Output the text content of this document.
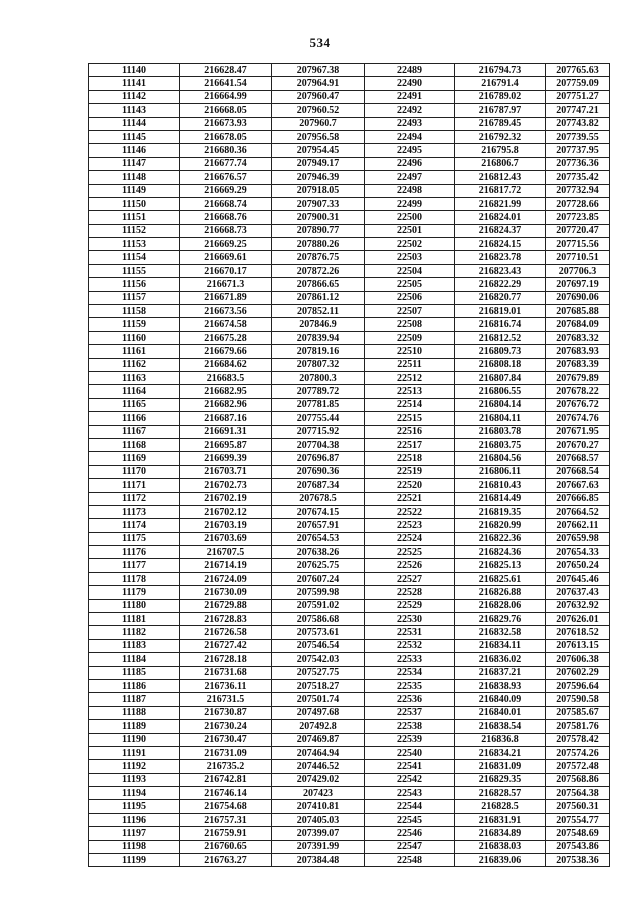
534
11140	216628.47	207967.38	22489	216794.73	207765.63
11141	216641.54	207964.91	22490	216791.4	207759.09
11142	216664.99	207960.47	22491	216789.02	207751.27
11143	216668.05	207960.52	22492	216787.97	207747.21
11144	216673.93	207960.7	22493	216789.45	207743.82
11145	216678.05	207956.58	22494	216792.32	207739.55
11146	216680.36	207954.45	22495	216795.8	207737.95
11147	216677.74	207949.17	22496	216806.7	207736.36
11148	216676.57	207946.39	22497	216812.43	207735.42
11149	216669.29	207918.05	22498	216817.72	207732.94
11150	216668.74	207907.33	22499	216821.99	207728.66
11151	216668.76	207900.31	22500	216824.01	207723.85
11152	216668.73	207890.77	22501	216824.37	207720.47
11153	216669.25	207880.26	22502	216824.15	207715.56
11154	216669.61	207876.75	22503	216823.78	207710.51
11155	216670.17	207872.26	22504	216823.43	207706.3
11156	216671.3	207866.65	22505	216822.29	207697.19
11157	216671.89	207861.12	22506	216820.77	207690.06
11158	216673.56	207852.11	22507	216819.01	207685.88
11159	216674.58	207846.9	22508	216816.74	207684.09
11160	216675.28	207839.94	22509	216812.52	207683.32
11161	216679.66	207819.16	22510	216809.73	207683.93
11162	216684.62	207807.32	22511	216808.18	207683.39
11163	216683.5	207800.3	22512	216807.84	207679.89
11164	216682.95	207789.72	22513	216806.55	207678.22
11165	216682.96	207781.85	22514	216804.14	207676.72
11166	216687.16	207755.44	22515	216804.11	207674.76
11167	216691.31	207715.92	22516	216803.78	207671.95
11168	216695.87	207704.38	22517	216803.75	207670.27
11169	216699.39	207696.87	22518	216804.56	207668.57
11170	216703.71	207690.36	22519	216806.11	207668.54
11171	216702.73	207687.34	22520	216810.43	207667.63
11172	216702.19	207678.5	22521	216814.49	207666.85
11173	216702.12	207674.15	22522	216819.35	207664.52
11174	216703.19	207657.91	22523	216820.99	207662.11
11175	216703.69	207654.53	22524	216822.36	207659.98
11176	216707.5	207638.26	22525	216824.36	207654.33
11177	216714.19	207625.75	22526	216825.13	207650.24
11178	216724.09	207607.24	22527	216825.61	207645.46
11179	216730.09	207599.98	22528	216826.88	207637.43
11180	216729.88	207591.02	22529	216828.06	207632.92
11181	216728.83	207586.68	22530	216829.76	207626.01
11182	216726.58	207573.61	22531	216832.58	207618.52
11183	216727.42	207546.54	22532	216834.11	207613.15
11184	216728.18	207542.03	22533	216836.02	207606.38
11185	216731.68	207527.75	22534	216837.21	207602.29
11186	216736.11	207518.27	22535	216838.93	207596.64
11187	216731.5	207501.74	22536	216840.09	207590.58
11188	216730.87	207497.68	22537	216840.01	207585.67
11189	216730.24	207492.8	22538	216838.54	207581.76
11190	216730.47	207469.87	22539	216836.8	207578.42
11191	216731.09	207464.94	22540	216834.21	207574.26
11192	216735.2	207446.52	22541	216831.09	207572.48
11193	216742.81	207429.02	22542	216829.35	207568.86
11194	216746.14	207423	22543	216828.57	207564.38
11195	216754.68	207410.81	22544	216828.5	207560.31
11196	216757.31	207405.03	22545	216831.91	207554.77
11197	216759.91	207399.07	22546	216834.89	207548.69
11198	216760.65	207391.99	22547	216838.03	207543.86
11199	216763.27	207384.48	22548	216839.06	207538.36
